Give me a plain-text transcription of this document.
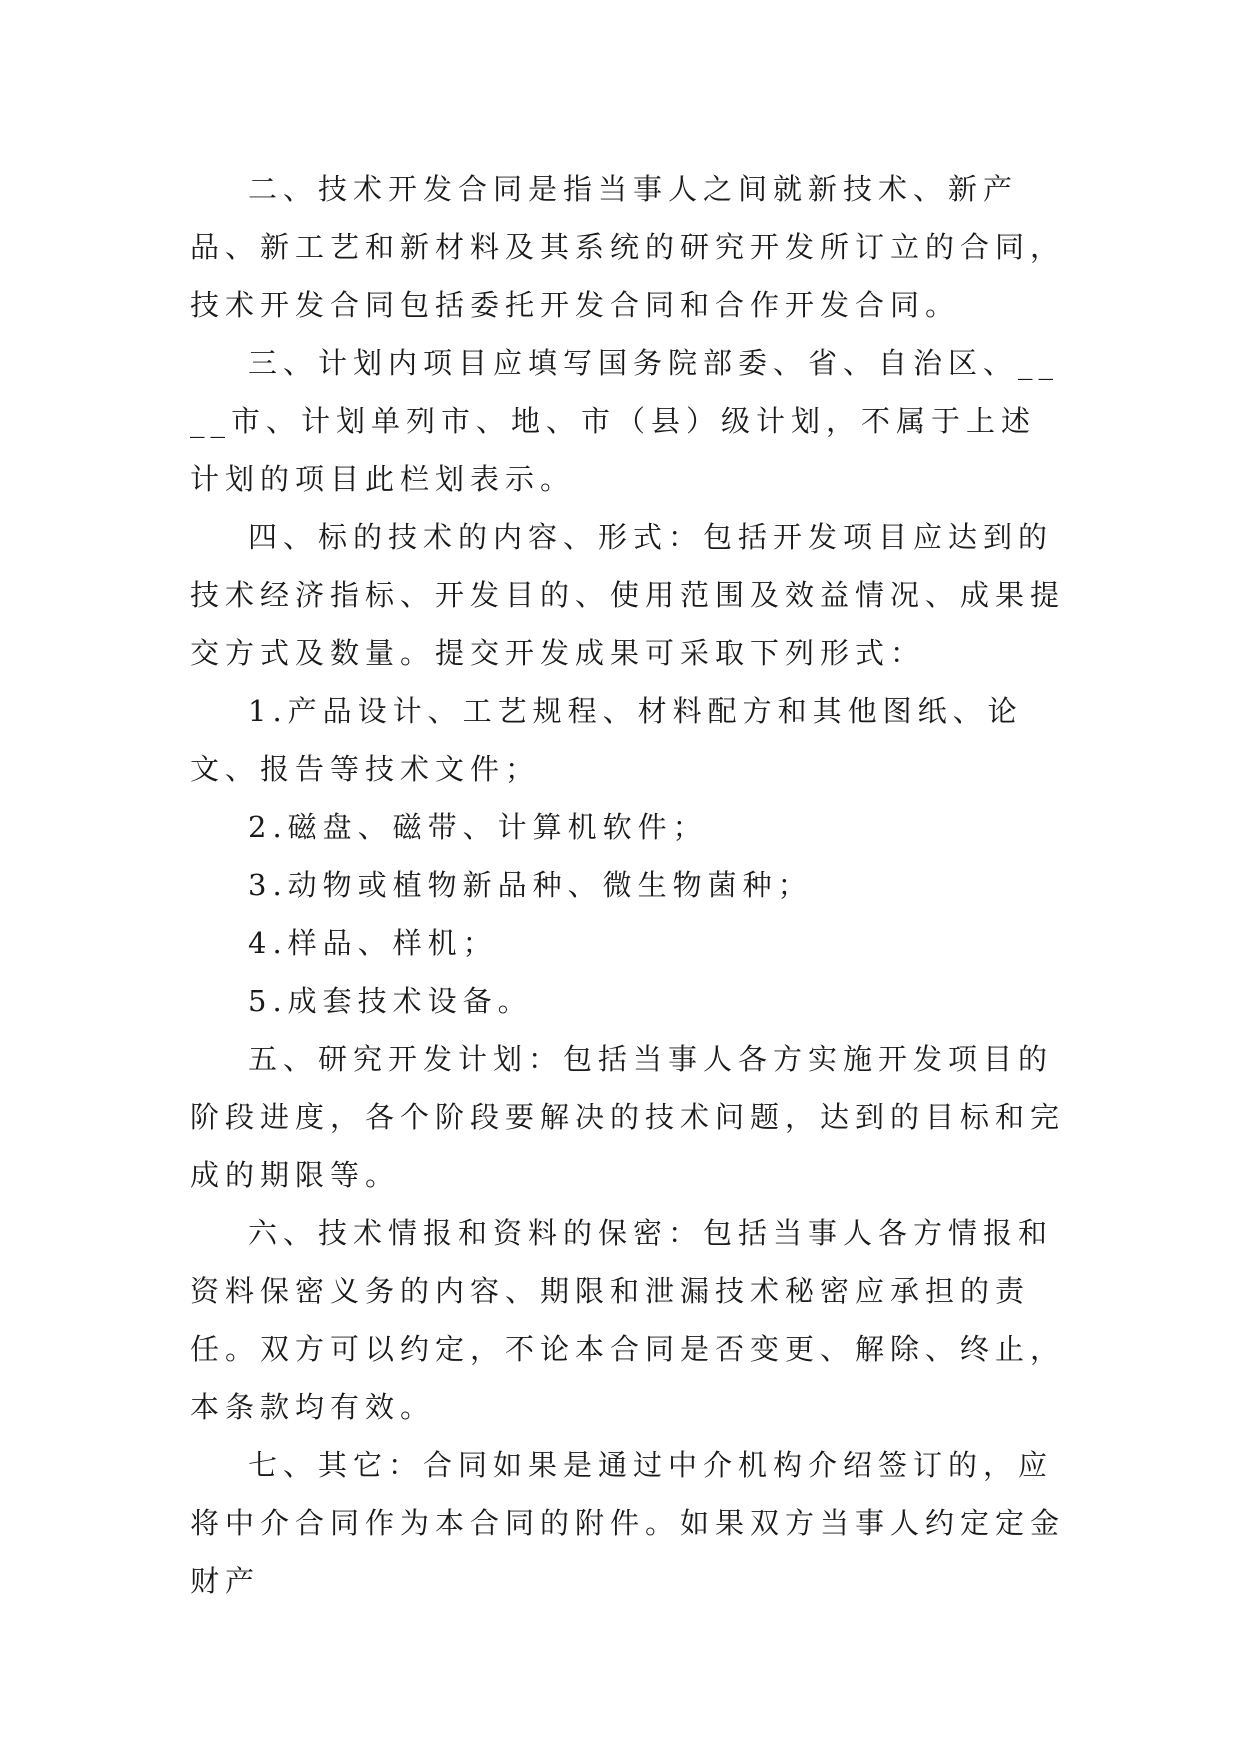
二、技术开发合同是指当事人之间就新技术、新产品、新工艺和新材料及其系统的研究开发所订立的合同，技术开发合同包括委托开发合同和合作开发合同。

三、计划内项目应填写国务院部委、省、自治区、____市、计划单列市、地、市（县）级计划，不属于上述计划的项目此栏划表示。

四、标的技术的内容、形式：包括开发项目应达到的技术经济指标、开发目的、使用范围及效益情况、成果提交方式及数量。提交开发成果可采取下列形式：

1.产品设计、工艺规程、材料配方和其他图纸、论文、报告等技术文件；

2.磁盘、磁带、计算机软件；

3.动物或植物新品种、微生物菌种；

4.样品、样机；

5.成套技术设备。

五、研究开发计划：包括当事人各方实施开发项目的阶段进度，各个阶段要解决的技术问题，达到的目标和完成的期限等。

六、技术情报和资料的保密：包括当事人各方情报和资料保密义务的内容、期限和泄漏技术秘密应承担的责任。双方可以约定，不论本合同是否变更、解除、终止，本条款均有效。

七、其它：合同如果是通过中介机构介绍签订的，应将中介合同作为本合同的附件。如果双方当事人约定定金财产
